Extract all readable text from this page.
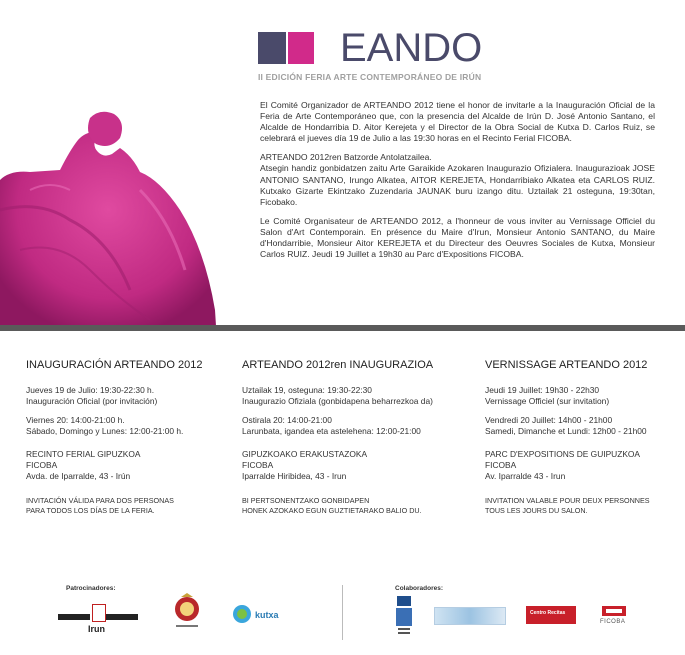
EANDO
II EDICIÓN FERIA ARTE CONTEMPORÁNEO DE IRÚN

El Comité Organizador de ARTEANDO 2012 tiene el honor de invitarle a la Inauguración Oficial de la Feria de Arte Contemporáneo que, con la presencia del Alcalde de Irún D. José Antonio Santano, el Alcalde de Hondarribia D. Aitor Kerejeta y el Director de la Obra Social de Kutxa D. Carlos Ruiz, se celebrará el jueves día 19 de Julio a las 19:30 horas en el Recinto Ferial FICOBA.

ARTEANDO 2012ren Batzorde Antolatzailea.

Atsegin handiz gonbidatzen zaitu Arte Garaikide Azokaren Inaugurazio Ofizialera. Inaugurazioak JOSE ANTONIO SANTANO, Irungo Alkatea, AITOR KEREJETA, Hondarribiako Alkatea eta CARLOS RUIZ. Kutxako Gizarte Ekintzako Zuzendaria JAUNAK buru izango ditu. Uztailak 21 osteguna, 19:30tan, Ficobako.

Le Comité Organisateur de ARTEANDO 2012, a l'honneur de vous inviter au Vernissage Officiel du Salon d'Art Contemporain. En présence du Maire d'Irun, Monsieur Antonio SANTANO, du Maire d'Hondarribie, Monsieur Aitor KEREJETA et du Directeur des Oeuvres Sociales de Kutxa, Monsieur Carlos RUIZ. Jeudi 19 Juillet a 19h30 au Parc d'Expositions FICOBA.

INAUGURACIÓN ARTEANDO 2012
Jueves 19 de Julio: 19:30-22:30 h.
Inauguración Oficial (por invitación)
Viernes 20: 14:00-21:00 h.
Sábado, Domingo y Lunes: 12:00-21:00 h.
RECINTO FERIAL GIPUZKOA
FICOBA
Avda. de Iparralde, 43 - Irún
INVITACIÓN VÁLIDA PARA DOS PERSONAS
PARA TODOS LOS DÍAS DE LA FERIA.
ARTEANDO 2012ren INAUGURAZIOA
Uztailak 19, osteguna: 19:30-22:30
Inaugurazio Ofiziala (gonbidapena beharrezkoa da)
Ostirala 20: 14:00-21:00
Larunbata, igandea eta astelehena: 12:00-21:00
GIPUZKOAKO ERAKUSTAZOKA
FICOBA
Iparralde Hiribidea, 43 - Irun
BI PERTSONENTZAKO GONBIDAPEN
HONEK AZOKAKO EGUN GUZTIETARAKO BALIO DU.
VERNISSAGE ARTEANDO 2012
Jeudi 19 Juillet: 19h30 - 22h30
Vernissage Officiel (sur invitation)
Vendredi 20 Juillet: 14h00 - 21h00
Samedi, Dimanche et Lundi: 12h00 - 21h00
PARC D'EXPOSITIONS DE GUIPUZKOA
FICOBA
Av. Iparralde 43 - Irun
INVITATION VALABLE POUR DEUX PERSONNES
TOUS LES JOURS DU SALON.
Patrocinadores:	Colaboradores:
Irun
kutxa	Centro Recitas
FICOBA
